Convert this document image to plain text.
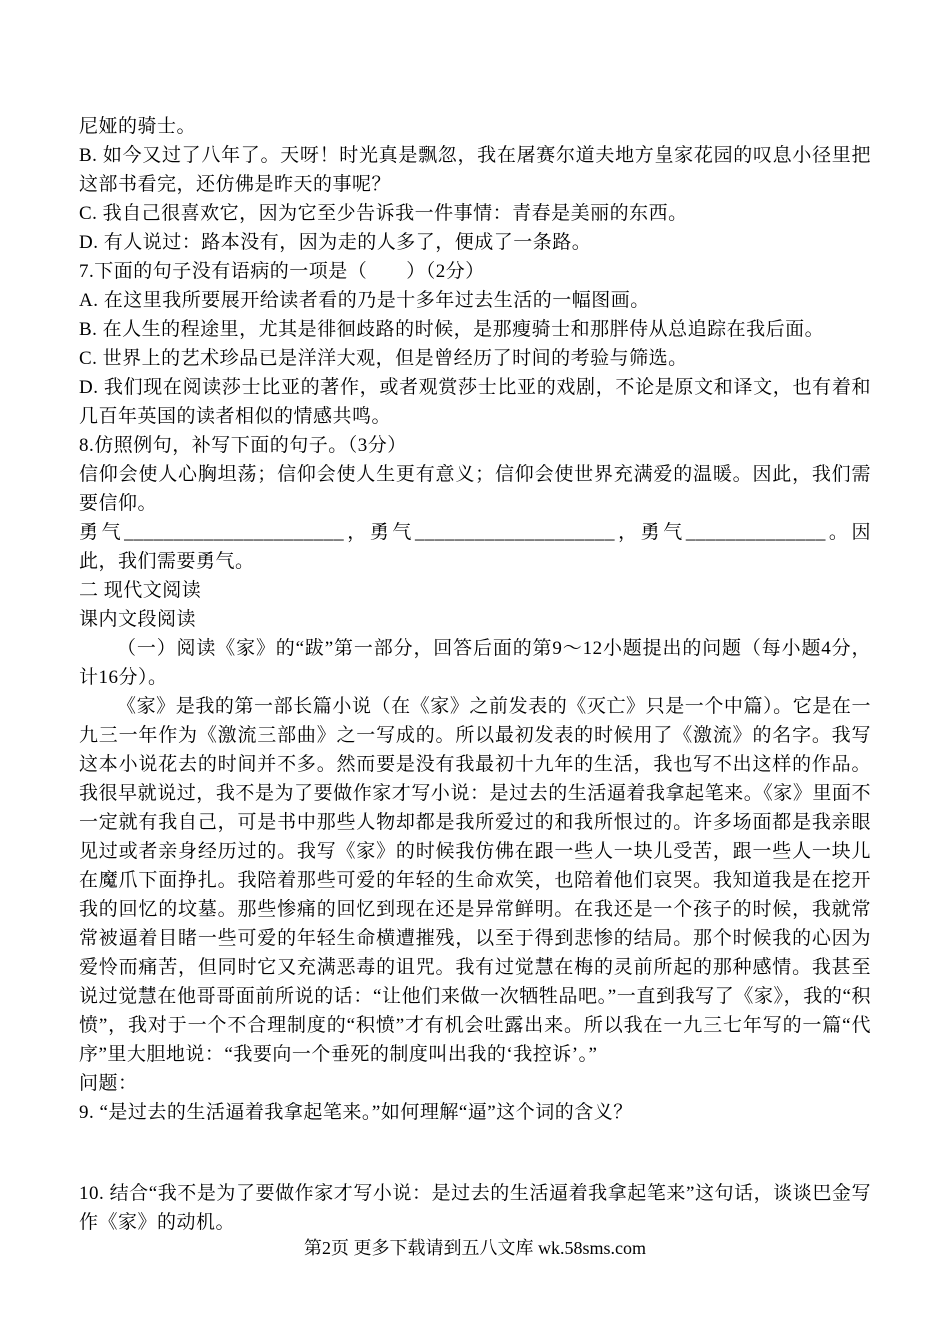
尼娅的骑士。

B. 如今又过了八年了。天呀！时光真是飘忽，我在屠赛尔道夫地方皇家花园的叹息小径里把这部书看完，还仿佛是昨天的事呢？

C. 我自己很喜欢它，因为它至少告诉我一件事情：青春是美丽的东西。

D. 有人说过：路本没有，因为走的人多了，便成了一条路。

7.下面的句子没有语病的一项是（　　）（2分）

A. 在这里我所要展开给读者看的乃是十多年过去生活的一幅图画。

B. 在人生的程途里，尤其是徘徊歧路的时候，是那瘦骑士和那胖侍从总追踪在我后面。

C. 世界上的艺术珍品已是洋洋大观，但是曾经历了时间的考验与筛选。

D. 我们现在阅读莎士比亚的著作，或者观赏莎士比亚的戏剧，不论是原文和译文，也有着和几百年英国的读者相似的情感共鸣。

8.仿照例句，补写下面的句子。（3分）

信仰会使人心胸坦荡；信仰会使人生更有意义；信仰会使世界充满爱的温暖。因此，我们需要信仰。

勇气______________________，勇气____________________，勇气______________。因此，我们需要勇气。

二 现代文阅读

课内文段阅读

（一）阅读《家》的“跋”第一部分，回答后面的第9～12小题提出的问题（每小题4分，计16分）。

《家》是我的第一部长篇小说（在《家》之前发表的《灭亡》只是一个中篇）。它是在一九三一年作为《激流三部曲》之一写成的。所以最初发表的时候用了《激流》的名字。我写这本小说花去的时间并不多。然而要是没有我最初十九年的生活，我也写不出这样的作品。我很早就说过，我不是为了要做作家才写小说：是过去的生活逼着我拿起笔来。《家》里面不一定就有我自己，可是书中那些人物却都是我所爱过的和我所恨过的。许多场面都是我亲眼见过或者亲身经历过的。我写《家》的时候我仿佛在跟一些人一块儿受苦，跟一些人一块儿在魔爪下面挣扎。我陪着那些可爱的年轻的生命欢笑，也陪着他们哀哭。我知道我是在挖开我的回忆的坟墓。那些惨痛的回忆到现在还是异常鲜明。在我还是一个孩子的时候，我就常常被逼着目睹一些可爱的年轻生命横遭摧残，以至于得到悲惨的结局。那个时候我的心因为爱怜而痛苦，但同时它又充满恶毒的诅咒。我有过觉慧在梅的灵前所起的那种感情。我甚至说过觉慧在他哥哥面前所说的话：“让他们来做一次牺牲品吧。”一直到我写了《家》，我的“积愤”，我对于一个不合理制度的“积愤”才有机会吐露出来。所以我在一九三七年写的一篇“代序”里大胆地说：“我要向一个垂死的制度叫出我的‘我控诉’。”

问题：

9. “是过去的生活逼着我拿起笔来。”如何理解“逼”这个词的含义？

10. 结合“我不是为了要做作家才写小说：是过去的生活逼着我拿起笔来”这句话，谈谈巴金写作《家》的动机。

第2页 更多下载请到五八文库 wk.58sms.com
